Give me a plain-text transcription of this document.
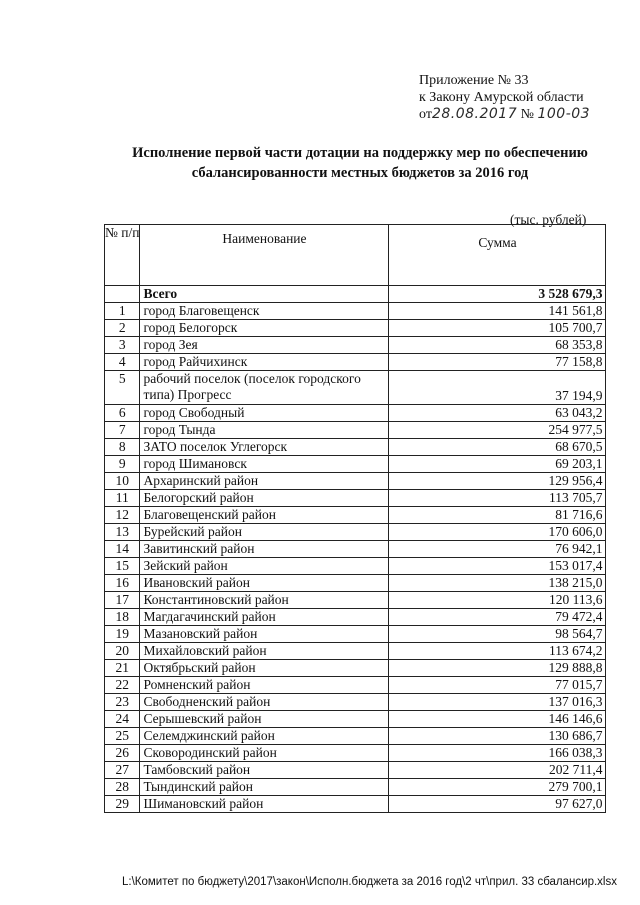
Приложение № 33
к Закону Амурской области
от28.08.2017 № 100-03
Исполнение первой части дотации на поддержку мер по обеспечению
сбалансированности местных бюджетов за 2016 год
(тыс. рублей)
№ п/п	Наименование	Сумма
	Всего	3 528 679,3
1	город Благовещенск	141 561,8
2	город Белогорск	105 700,7
3	город Зея	68 353,8
4	город Райчихинск	77 158,8
5	рабочий поселок (поселок городского типа) Прогресс	37 194,9
6	город Свободный	63 043,2
7	город Тында	254 977,5
8	ЗАТО поселок Углегорск	68 670,5
9	город Шимановск	69 203,1
10	Архаринский район	129 956,4
11	Белогорский район	113 705,7
12	Благовещенский район	81 716,6
13	Бурейский район	170 606,0
14	Завитинский район	76 942,1
15	Зейский район	153 017,4
16	Ивановский район	138 215,0
17	Константиновский район	120 113,6
18	Магдагачинский район	79 472,4
19	Мазановский район	98 564,7
20	Михайловский район	113 674,2
21	Октябрьский район	129 888,8
22	Ромненский район	77 015,7
23	Свободненский район	137 016,3
24	Серышевский район	146 146,6
25	Селемджинский район	130 686,7
26	Сковородинский район	166 038,3
27	Тамбовский район	202 711,4
28	Тындинский район	279 700,1
29	Шимановский район	97 627,0
L:\Комитет по бюджету\2017\закон\Исполн.бюджета за 2016 год\2 чт\прил. 33 сбалансир.xlsx
